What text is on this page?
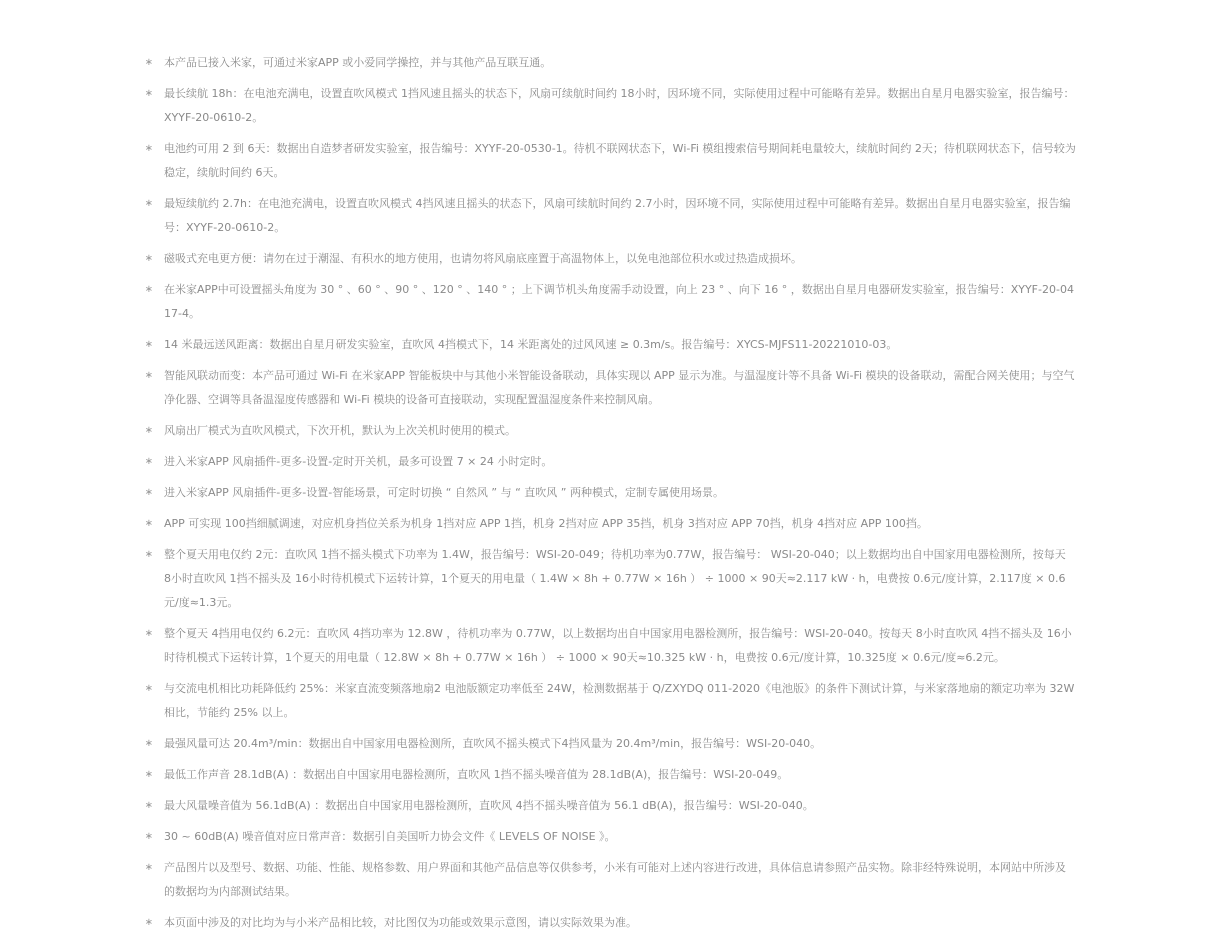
∗ 本产品已接入米家，可通过米家APP 或小爱同学操控，并与其他产品互联互通。
∗ 最长续航 18h：在电池充满电，设置直吹风模式 1挡风速且摇头的状态下，风扇可续航时间约 18小时，因环境不同，实际使用过程中可能略有差异。数据出自星月电器实验室，报告编号：XYYF-20-0610-2。
∗ 电池约可用 2 到 6天：数据出自造梦者研发实验室，报告编号：XYYF-20-0530-1。待机不联网状态下，Wi-Fi 模组搜索信号期间耗电量较大，续航时间约 2天；待机联网状态下，信号较为稳定，续航时间约 6天。
∗ 最短续航约 2.7h：在电池充满电，设置直吹风模式 4挡风速且摇头的状态下，风扇可续航时间约 2.7小时，因环境不同，实际使用过程中可能略有差异。数据出自星月电器实验室，报告编号：XYYF-20-0610-2。
∗ 磁吸式充电更方便：请勿在过于潮湿、有积水的地方使用，也请勿将风扇底座置于高温物体上，以免电池部位积水或过热造成损坏。
∗ 在米家APP中可设置摇头角度为 30 ° 、60 ° 、90 ° 、120 ° 、140 ° ；上下调节机头角度需手动设置，向上 23 ° 、向下 16 ° ，数据出自星月电器研发实验室，报告编号：XYYF-20-0417-4。
∗ 14 米最远送风距离：数据出自星月研发实验室，直吹风 4挡模式下，14 米距离处的过风风速 ≥ 0.3m/s。报告编号：XYCS-MJFS11-20221010-03。
∗ 智能风联动而变：本产品可通过 Wi-Fi 在米家APP 智能板块中与其他小米智能设备联动，具体实现以 APP 显示为准。与温湿度计等不具备 Wi-Fi 模块的设备联动，需配合网关使用；与空气净化器、空调等具备温湿度传感器和 Wi-Fi 模块的设备可直接联动，实现配置温湿度条件来控制风扇。
∗ 风扇出厂模式为直吹风模式，下次开机，默认为上次关机时使用的模式。
∗ 进入米家APP 风扇插件-更多-设置-定时开关机，最多可设置 7 × 24 小时定时。
∗ 进入米家APP 风扇插件-更多-设置-智能场景，可定时切换 “ 自然风 ” 与 “ 直吹风 ” 两种模式，定制专属使用场景。
∗ APP 可实现 100挡细腻调速，对应机身挡位关系为机身 1挡对应 APP 1挡，机身 2挡对应 APP 35挡，机身 3挡对应 APP 70挡，机身 4挡对应 APP 100挡。
∗ 整个夏天用电仅约 2元：直吹风 1挡不摇头模式下功率为 1.4W，报告编号：WSI-20-049；待机功率为0.77W，报告编号： WSI-20-040；以上数据均出自中国家用电器检测所，按每天 8小时直吹风 1挡不摇头及 16小时待机模式下运转计算，1个夏天的用电量（ 1.4W × 8h + 0.77W × 16h ） ÷ 1000 × 90天≈2.117 kW · h，电费按 0.6元/度计算，2.117度 × 0.6元/度≈1.3元。
∗ 整个夏天 4挡用电仅约 6.2元：直吹风 4挡功率为 12.8W ，待机功率为 0.77W，以上数据均出自中国家用电器检测所，报告编号：WSI-20-040。按每天 8小时直吹风 4挡不摇头及 16小时待机模式下运转计算，1个夏天的用电量（ 12.8W × 8h + 0.77W × 16h ） ÷ 1000 × 90天≈10.325 kW · h，电费按 0.6元/度计算，10.325度 × 0.6元/度≈6.2元。
∗ 与交流电机相比功耗降低约 25%：米家直流变频落地扇2 电池版额定功率低至 24W，检测数据基于 Q/ZXYDQ 011-2020《电池版》的条件下测试计算，与米家落地扇的额定功率为 32W 相比，节能约 25% 以上。
∗ 最强风量可达 20.4m³/min：数据出自中国家用电器检测所，直吹风不摇头模式下4挡风量为 20.4m³/min，报告编号：WSI-20-040。
∗ 最低工作声音 28.1dB(A) ：数据出自中国家用电器检测所，直吹风 1挡不摇头噪音值为 28.1dB(A)，报告编号：WSI-20-049。
∗ 最大风量噪音值为 56.1dB(A) ：数据出自中国家用电器检测所，直吹风 4挡不摇头噪音值为 56.1 dB(A)，报告编号：WSI-20-040。
∗ 30 ~ 60dB(A) 噪音值对应日常声音：数据引自美国听力协会文件《 LEVELS OF NOISE 》。
∗ 产品图片以及型号、数据、功能、性能、规格参数、用户界面和其他产品信息等仅供参考，小米有可能对上述内容进行改进，具体信息请参照产品实物。除非经特殊说明，本网站中所涉及的数据均为内部测试结果。
∗ 本页面中涉及的对比均为与小米产品相比较，对比图仅为功能或效果示意图，请以实际效果为准。
